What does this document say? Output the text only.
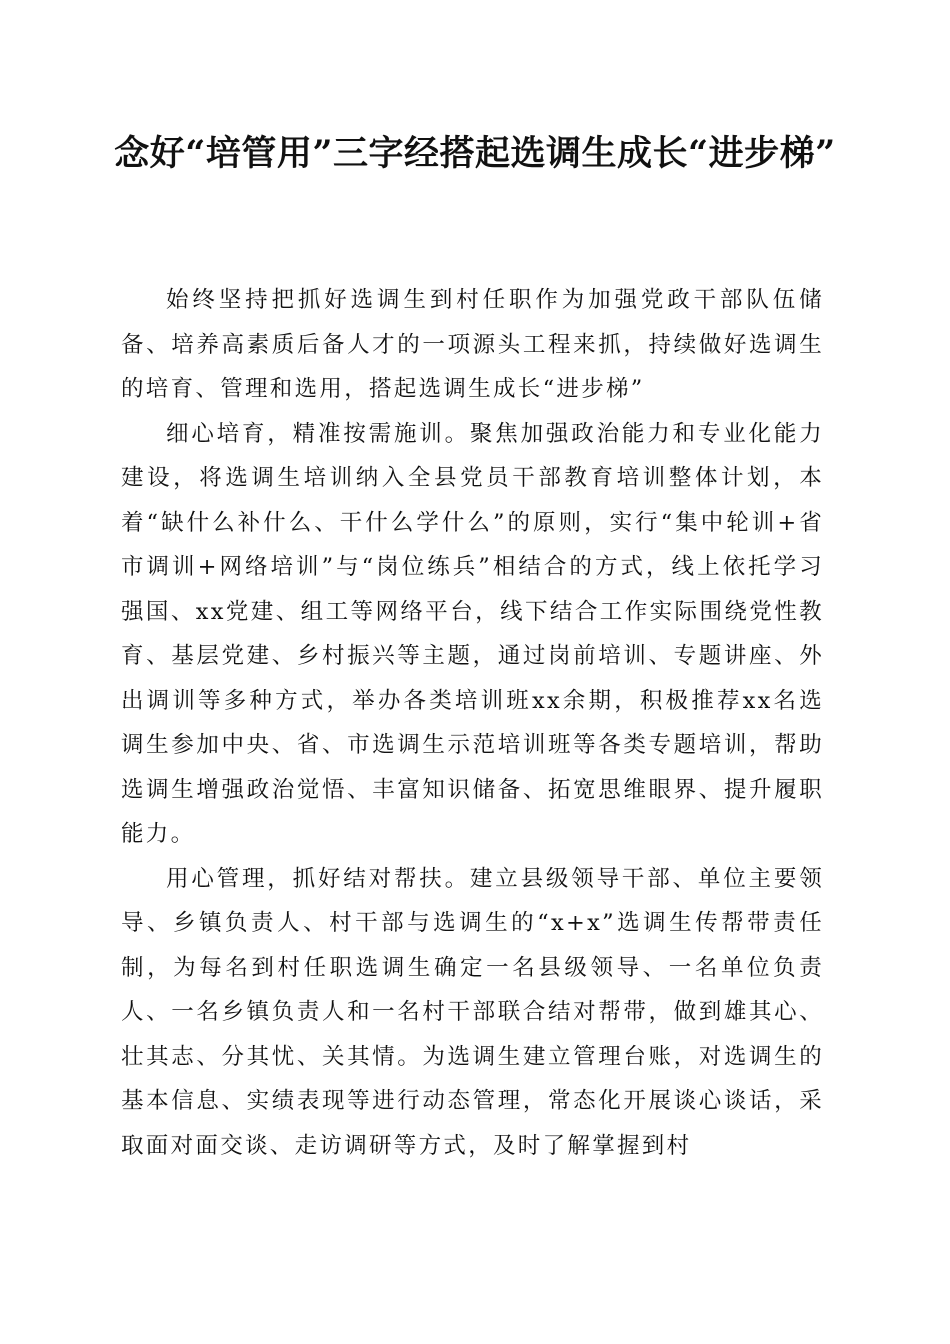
念好“培管用”三字经搭起选调生成长“进步梯”

始终坚持把抓好选调生到村任职作为加强党政干部队伍储备、培养高素质后备人才的一项源头工程来抓，持续做好选调生的培育、管理和选用，搭起选调生成长“进步梯”

细心培育，精准按需施训。聚焦加强政治能力和专业化能力建设，将选调生培训纳入全县党员干部教育培训整体计划，本着“缺什么补什么、干什么学什么”的原则，实行“集中轮训+省市调训+网络培训”与“岗位练兵”相结合的方式，线上依托学习强国、xx党建、组工等网络平台，线下结合工作实际围绕党性教育、基层党建、乡村振兴等主题，通过岗前培训、专题讲座、外出调训等多种方式，举办各类培训班xx余期，积极推荐xx名选调生参加中央、省、市选调生示范培训班等各类专题培训，帮助选调生增强政治觉悟、丰富知识储备、拓宽思维眼界、提升履职能力。

用心管理，抓好结对帮扶。建立县级领导干部、单位主要领导、乡镇负责人、村干部与选调生的“x+x”选调生传帮带责任制，为每名到村任职选调生确定一名县级领导、一名单位负责人、一名乡镇负责人和一名村干部联合结对帮带，做到雄其心、壮其志、分其忧、关其情。为选调生建立管理台账，对选调生的基本信息、实绩表现等进行动态管理，常态化开展谈心谈话，采取面对面交谈、走访调研等方式，及时了解掌握到村
